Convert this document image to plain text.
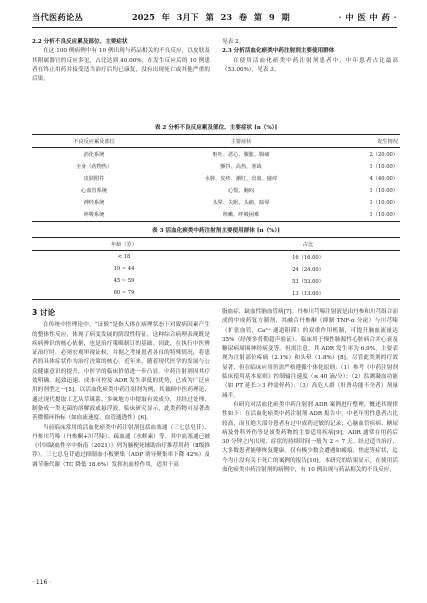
当代医药论丛	2025 年 3月下 第 23 卷 第 9 期	· 中 医 中 药 ·

2.2 分析不良反应累及部位、主要症状

在这 100 例病例中有 10 例出现与药品相关的不良反应，以皮肤及其附属器官的反应多见，占比达到 40.00%，在发生反应后的 10 例患者在终止用药并接受适当治疗后均已康复，没有出现死亡或其他严重的后果，

见表 2。

2.3 分析活血化瘀类中药注射剂主要使用群体

在使用活血化瘀类中药注射剂患者中，中年患者占比最高（53.00%），见表 3。

表 2 分析不良反应累及部位、主要症状 [n（%）]
不良反应累及部位	主要症状	发生情况
消化系统	呕吐、恶心、腹胀、腹痛	2（20.00）
全身（药物热）	颤抖、高热、寒战	1（10.00）
皮肤附件	水肿、皮疹、潮红、出血、瘙痒	4（40.00）
心血管系统	心慌、胸闷	1（10.00）
神经系统	头晕、失眠、头痛、眩晕	1（10.00）
呼吸系统	咳嗽、呼吸困难	1（10.00）
表 3 活血化瘀类中药注射剂主要使用群体 [n（%）]
年龄（岁）	占比
< 18	16（16.00）
19 ~ 44	24（24.00）
45 ~ 59	53（53.00）
60 ~ 79	13（13.00）
3 讨论

在传统中医理论中，“证候”是指人体在病理状态下对致病因素产生的整体性反应，体现了病变发展的阶段性特征。这种综合病理表现既是疾病辨识的核心依据，也是治疗策略制订的基础。因此，在执行中医辨证治疗时，必须宏观审视证候，并据之考量患者各自的特殊情况，将患者的具体症状作为治疗决策的核心。近年来，随着现代医学的发展与公众健康意识的提升，中医学的临床价值进一步凸显。中药注射剂因其疗效明确、起效迅速、成本可控及 ADR 发生率低的优势，已成为广泛应用的剂型之一[5]。以活血化瘀类中药注射剂为例，其兼顾中医药理论、通过现代提取工艺从草珠系、多味地方中提取有效成分，并经过处理、制备成一类无菌的溶解液或悬浮液。临床研究显示，此类药物可显著改善微循环指标（如血流速度、血管通透性）[6]。

当前临床常用的活血化瘀类中药注射剂包括血塞通（三七总皂苷）、丹参川芎嗪（丹参酮+川芎嗪）、疏血通（水蛭素）等。其中血塞通已被《中国缺血性卒中指南（2021）》列为脑梗死辅助治疗推荐用药（Ⅱ级推荐）。三七总皂苷通过抑制血小板聚集（ADP 诱导聚集率下降 42%）及调节脂代谢（TC 降低 18.6%）发挥抗血栓作用，适用于高

脂血症、缺血性脑血管病[7]。丹参川芎嗪注射液是由丹参和川芎组合而成的中成药复方制剂，其融合丹参酮（抑制 TNF-α 分泌）与川芎嗪（扩张血管，Ca²⁺ 通道阻滞）的双重作用机制，可提升脑血流量达 35%（经颅多普勒超声验证）。临床用于慢性肺源性心脏病合并心衰及糖尿病周围神经病变等。但需注意，其 ADR 发生率为 6.9%，主要表现为注射部位疼痛（2.1%）和头晕（1.8%）[8]。尽管此类剂的疗效显著，但在临床应用仍需严格遵循个体化原则：（1）参考《中药注射剂临床使用基本原则》控制输注速度（≤ 40 滴/分）；（2）监测凝血功能（如 PT 延长＞3 秒需停药）；（3）高危人群（肝肾功能不全者）剂量减半。

有研究对活血化瘀类中药注射剂 ADR 案例进行整理，概述其规律性如下：在活血化瘀类中药注射剂 ADR 报告中，中老年男性患者占比较高，而且绝大部分患者有过中成药过敏的记录；心脑血管疾病、糖尿病及骨科外伤等是该类药物的主要适用疾病[9]。ADR 通常在用药后 30 分钟之内出现，症状的持续时间一般为 2 ~ 7 天。经过适当治疗，大多数患者能够恢复健康。仅有极少数会遭遇如瘢痕、焦虑等症状，迄今为止没有关于死亡的案例的报告[10]。本研究的结果显示，在使用活血化瘀类中药注射剂的病例中，有 10 例出现与药品相关的不良反应，

· 116 ·
